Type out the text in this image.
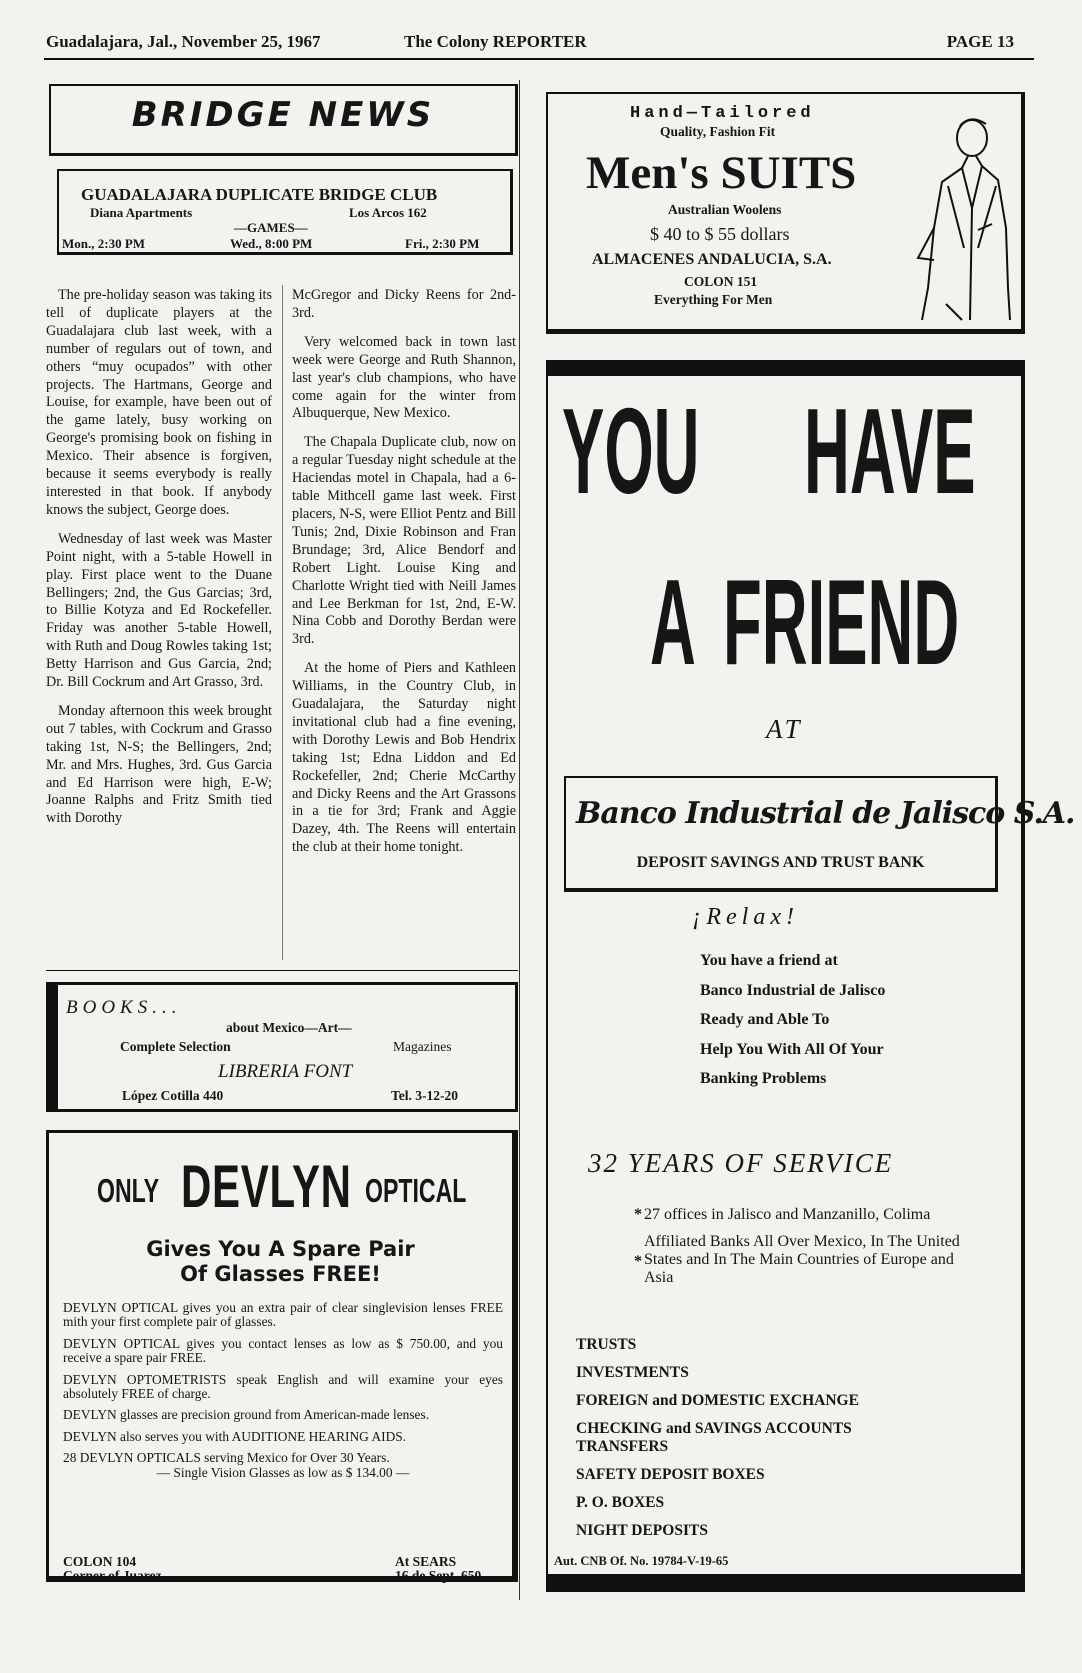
Guadalajara, Jal., November 25, 1967	The Colony REPORTER	PAGE 13
BRIDGE NEWS
GUADALAJARA DUPLICATE BRIDGE CLUB
Diana Apartments	Los Arcos 162
—GAMES—
Mon., 2:30 PM	Wed., 8:00 PM	Fri., 2:30 PM

The pre-holiday season was taking its tell of duplicate players at the Guadalajara club last week, with a number of regulars out of town, and others “muy ocupados” with other projects. The Hartmans, George and Louise, for example, have been out of the game lately, busy working on George's promising book on fishing in Mexico. Their absence is forgiven, because it seems everybody is really interested in that book. If anybody knows the subject, George does.

Wednesday of last week was Master Point night, with a 5-table Howell in play. First place went to the Duane Bellingers; 2nd, the Gus Garcias; 3rd, to Billie Kotyza and Ed Rockefeller. Friday was another 5-table Howell, with Ruth and Doug Rowles taking 1st; Betty Harrison and Gus Garcia, 2nd; Dr. Bill Cockrum and Art Grasso, 3rd.

Monday afternoon this week brought out 7 tables, with Cockrum and Grasso taking 1st, N-S; the Bellingers, 2nd; Mr. and Mrs. Hughes, 3rd. Gus Garcia and Ed Harrison were high, E-W; Joanne Ralphs and Fritz Smith tied with Dorothy

McGregor and Dicky Reens for 2nd-3rd.

Very welcomed back in town last week were George and Ruth Shannon, last year's club champions, who have come again for the winter from Albuquerque, New Mexico.

The Chapala Duplicate club, now on a regular Tuesday night schedule at the Haciendas motel in Chapala, had a 6-table Mithcell game last week. First placers, N-S, were Elliot Pentz and Bill Tunis; 2nd, Dixie Robinson and Fran Brundage; 3rd, Alice Bendorf and Robert Light. Louise King and Charlotte Wright tied with Neill James and Lee Berkman for 1st, 2nd, E-W. Nina Cobb and Dorothy Berdan were 3rd.

At the home of Piers and Kathleen Williams, in the Country Club, in Guadalajara, the Saturday night invitational club had a fine evening, with Dorothy Lewis and Bob Hendrix taking 1st; Edna Liddon and Ed Rockefeller, 2nd; Cherie McCarthy and Dicky Reens and the Art Grassons in a tie for 3rd; Frank and Aggie Dazey, 4th. The Reens will entertain the club at their home tonight.

BOOKS...
about Mexico—Art—
Complete Selection	Magazines
LIBRERIA FONT
López Cotilla 440	Tel. 3-12-20
ONLY DEVLYN OPTICAL
Gives You A Spare Pair
Of Glasses FREE!

DEVLYN OPTICAL gives you an extra pair of clear singlevision lenses FREE mith your first complete pair of glasses.

DEVLYN OPTICAL gives you contact lenses as low as $ 750.00, and you receive a spare pair FREE.

DEVLYN OPTOMETRISTS speak English and will examine your eyes absolutely FREE of charge.

DEVLYN glasses are precision ground from American-made lenses.

DEVLYN also serves you with AUDITIONE HEARING AIDS.

28 DEVLYN OPTICALS serving Mexico for Over 30 Years.

— Single Vision Glasses as low as $ 134.00 —

COLON 104
Corner of Juarez
At SEARS
16 de Sept. 650
Hand—Tailored
Quality, Fashion Fit
Men's SUITS
Australian Woolens
$ 40 to $ 55 dollars
ALMACENES ANDALUCIA, S.A.
COLON 151
Everything For Men
YOU HAVE
A FRIEND
AT
Banco Industrial de Jalisco S.A.
DEPOSIT SAVINGS AND TRUST BANK
¡Relax!
You have a friend at
Banco Industrial de Jalisco
Ready and Able To
Help You With All Of Your
Banking Problems
32 YEARS OF SERVICE
* 27 offices in Jalisco and Manzanillo, Colima
*
Affiliated Banks All Over Mexico, In The United States and In The Main Countries of Europe and Asia
TRUSTS
INVESTMENTS
FOREIGN and DOMESTIC EXCHANGE
CHECKING and SAVINGS ACCOUNTS TRANSFERS
SAFETY DEPOSIT BOXES
P. O. BOXES
NIGHT DEPOSITS
Aut. CNB Of. No. 19784-V-19-65
